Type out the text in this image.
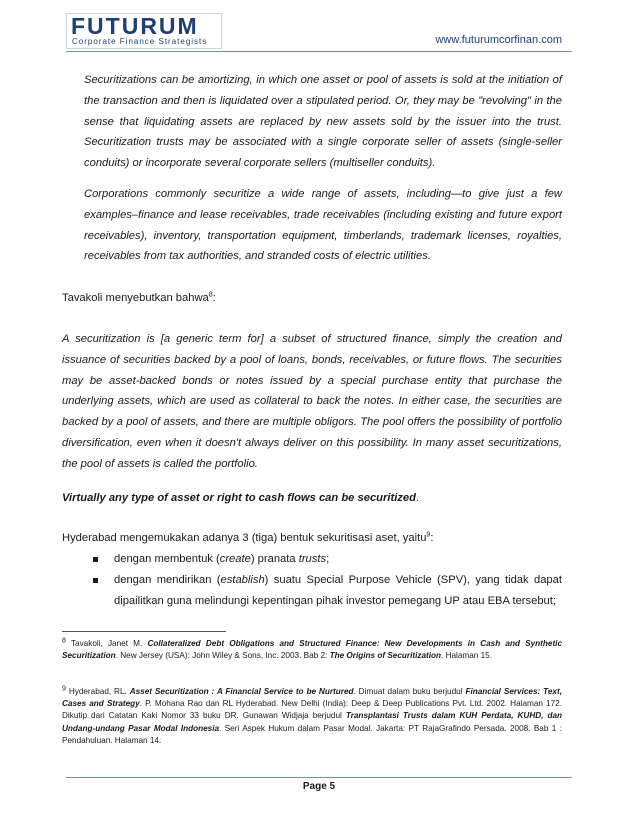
FUTURUM
Corporate Finance Strategists	www.futurumcorfinan.com

Securitizations can be amortizing, in which one asset or pool of assets is sold at the initiation of the transaction and then is liquidated over a stipulated period. Or, they may be "revolving" in the sense that liquidating assets are replaced by new assets sold by the issuer into the trust. Securitization trusts may be associated with a single corporate seller of assets (single-seller conduits) or incorporate several corporate sellers (multiseller conduits).

Corporations commonly securitize a wide range of assets, including—to give just a few examples–finance and lease receivables, trade receivables (including existing and future export receivables), inventory, transportation equipment, timberlands, trademark licenses, royalties, receivables from tax authorities, and stranded costs of electric utilities.

Tavakoli menyebutkan bahwa$^8$:

A securitization is [a generic term for] a subset of structured finance, simply the creation and issuance of securities backed by a pool of loans, bonds, receivables, or future flows. The securities may be asset-backed bonds or notes issued by a special purchase entity that purchase the underlying assets, which are used as collateral to back the notes. In either case, the securities are backed by a pool of assets, and there are multiple obligors. The pool offers the possibility of portfolio diversification, even when it doesn't always deliver on this possibility. In many asset securitizations, the pool of assets is called the portfolio.

Virtually any type of asset or right to cash flows can be securitized.

Hyderabad mengemukakan adanya 3 (tiga) bentuk sekuritisasi aset, yaitu$^9$:

dengan membentuk (create) pranata trusts;
dengan mendirikan (establish) suatu Special Purpose Vehicle (SPV), yang tidak dapat dipailitkan guna melindungi kepentingan pihak investor pemegang UP atau EBA tersebut;

$^8$ Tavakoli, Janet M. Collateralized Debt Obligations and Structured Finance: New Developments in Cash and Synthetic Securitization. New Jersey (USA): John Wiley & Sons, Inc. 2003. Bab 2: The Origins of Securitization. Halaman 15.

$^9$ Hyderabad, RL. Asset Securitization : A Financial Service to be Nurtured. Dimuat dalam buku berjudul Financial Services: Text, Cases and Strategy. P. Mohana Rao dan RL Hyderabad. New Delhi (India): Deep & Deep Publications Pvt. Ltd. 2002. Halaman 172. Dikutip dari Catatan Kaki Nomor 33 buku DR. Gunawan Widjaja berjudul Transplantasi Trusts dalam KUH Perdata, KUHD, dan Undang-undang Pasar Modal Indonesia. Seri Aspek Hukum dalam Pasar Modal. Jakarta: PT RajaGrafindo Persada. 2008. Bab 1 : Pendahuluan. Halaman 14.

Page 5
